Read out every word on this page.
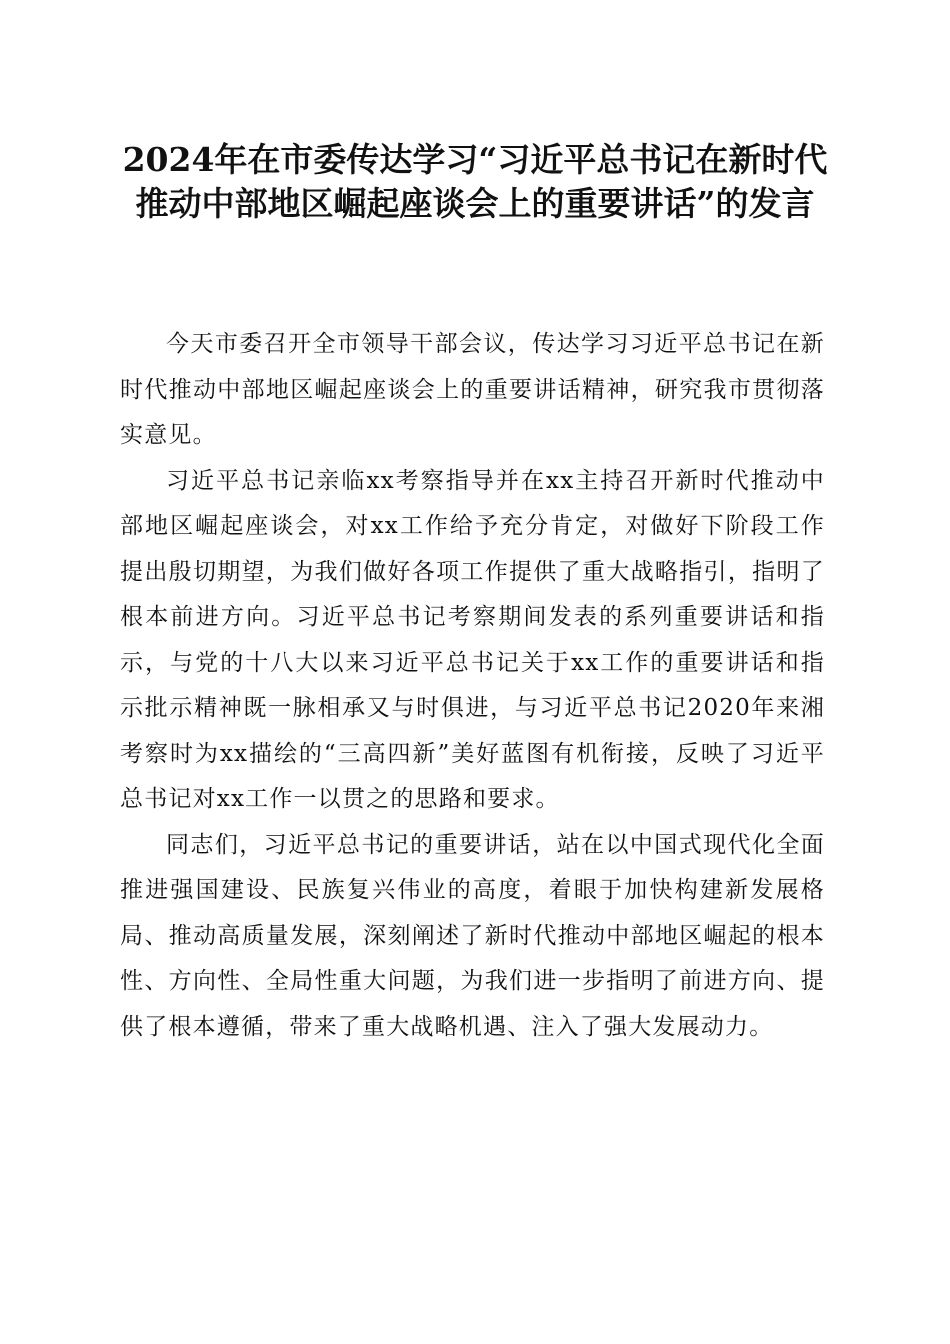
2024年在市委传达学习“习近平总书记在新时代推动中部地区崛起座谈会上的重要讲话”的发言

今天市委召开全市领导干部会议，传达学习习近平总书记在新时代推动中部地区崛起座谈会上的重要讲话精神，研究我市贯彻落实意见。

习近平总书记亲临xx考察指导并在xx主持召开新时代推动中部地区崛起座谈会，对xx工作给予充分肯定，对做好下阶段工作提出殷切期望，为我们做好各项工作提供了重大战略指引，指明了根本前进方向。习近平总书记考察期间发表的系列重要讲话和指示，与党的十八大以来习近平总书记关于xx工作的重要讲话和指示批示精神既一脉相承又与时俱进，与习近平总书记2020年来湘考察时为xx描绘的“三高四新”美好蓝图有机衔接，反映了习近平总书记对xx工作一以贯之的思路和要求。

同志们，习近平总书记的重要讲话，站在以中国式现代化全面推进强国建设、民族复兴伟业的高度，着眼于加快构建新发展格局、推动高质量发展，深刻阐述了新时代推动中部地区崛起的根本性、方向性、全局性重大问题，为我们进一步指明了前进方向、提供了根本遵循，带来了重大战略机遇、注入了强大发展动力。
